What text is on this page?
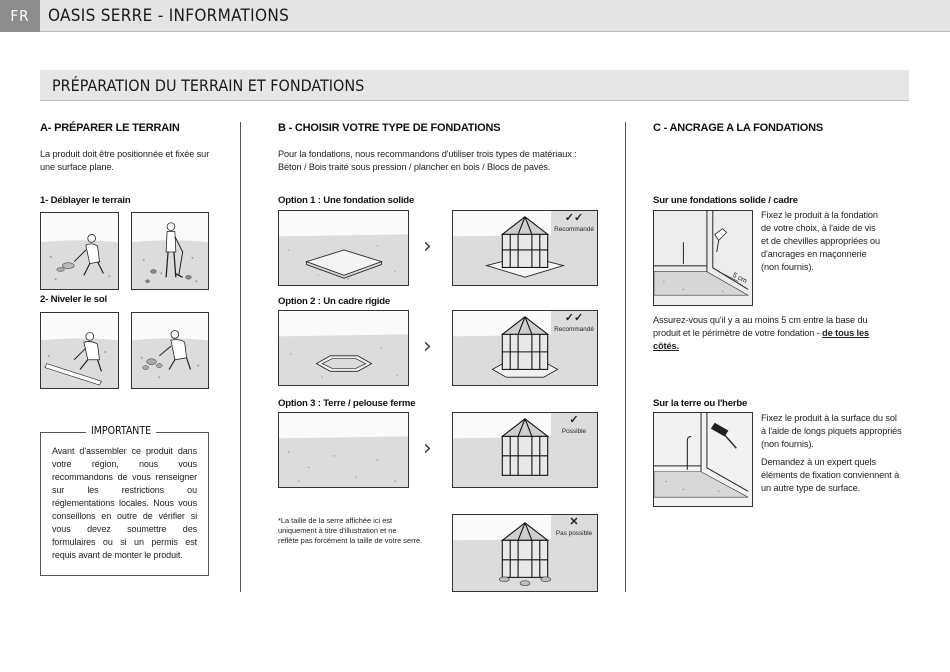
FR	OASIS SERRE - INFORMATIONS
PRÉPARATION DU TERRAIN ET FONDATIONS
A- PRÉPARER LE TERRAIN
La produit doit être positionnée et fixée sur
une surface plane.
1- Déblayer le terrain
2- Niveler le sol
IMPORTANTE
Avant d'assembler ce produit dans votre région, nous vous recommandons de vous renseigner sur les restrictions ou réglementations locales. Nous vous conseillons en outre de vérifier si vous devez soumettre des formulaires ou si un permis est requis avant de monter le produit.
B - CHOISIR VOTRE TYPE DE FONDATIONS
Pour la fondations, nous recommandons d'utiliser trois types de matériaux :
Béton / Bois traité sous pression / plancher en bois / Blocs de pavés.
Option 1 : Une fondation solide
›
✓✓
Recommandé
Option 2 : Un cadre rigide
›
✓✓
Recommandé
Option 3 : Terre / pelouse ferme
›
✓
Possible
*La taille de la serre affichée ici est
uniquement à titre d'illustration et ne
reflète pas forcément la taille de votre serre.
✕
Pas possible
C - ANCRAGE A LA FONDATIONS
Sur une fondations solide / cadre
5 cm
Fixez le produit à la fondation
de votre choix, à l'aide de vis
et de chevilles appropriées ou
d'ancrages en maçonnerie
(non fournis).
Assurez-vous qu'il y a au moins 5 cm entre la base du
produit et le périmètre de votre fondation - de tous les
côtés.
Sur la terre ou l'herbe
Fixez le produit à la surface du sol
à l'aide de longs piquets appropriés
(non fournis).
Demandez à un expert quels
éléments de fixation conviennent à
un autre type de surface.
